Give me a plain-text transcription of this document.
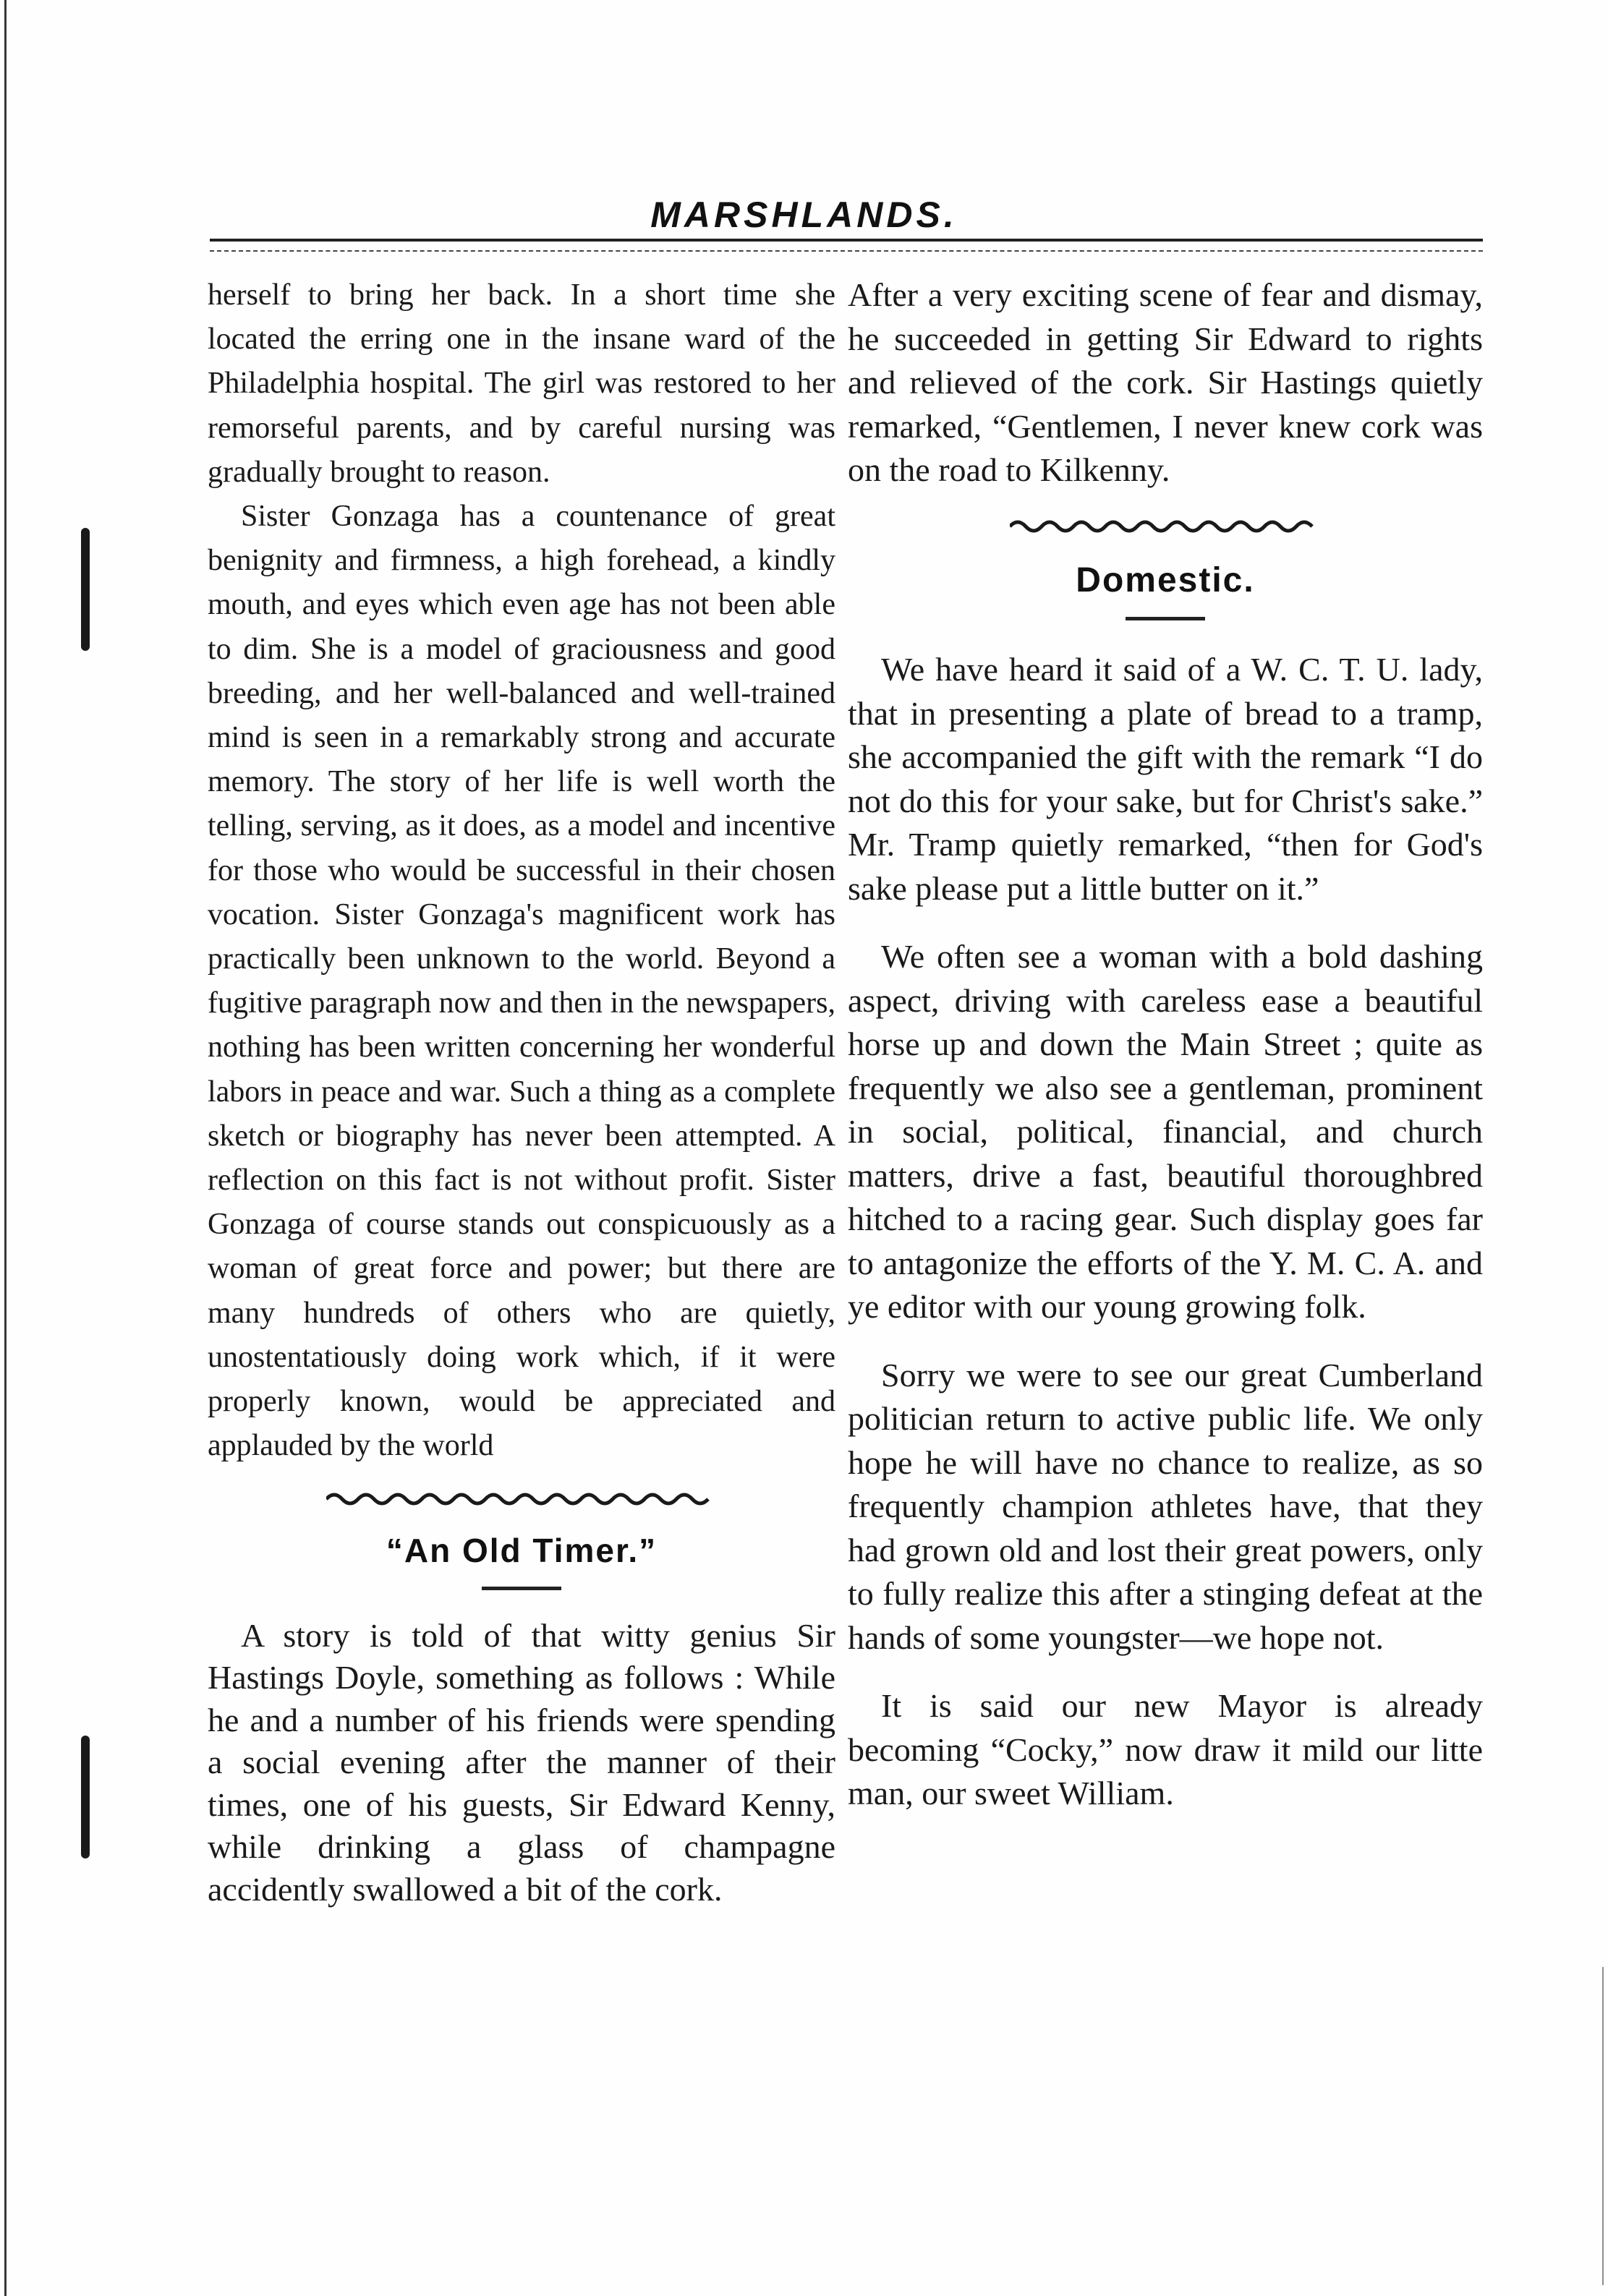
MARSHLANDS.

herself to bring her back. In a short time she located the erring one in the insane ward of the Philadelphia hospital. The girl was restored to her remorseful parents, and by careful nursing was gradually brought to reason.

Sister Gonzaga has a countenance of great benignity and firmness, a high forehead, a kindly mouth, and eyes which even age has not been able to dim. She is a model of graciousness and good breeding, and her well-balanced and well-trained mind is seen in a remarkably strong and accurate memory. The story of her life is well worth the telling, serving, as it does, as a model and incentive for those who would be successful in their chosen vocation. Sister Gonzaga's magnificent work has practically been unknown to the world. Beyond a fugitive paragraph now and then in the newspapers, nothing has been written concerning her wonderful labors in peace and war. Such a thing as a complete sketch or biography has never been attempted. A reflection on this fact is not without profit. Sister Gonzaga of course stands out conspicuously as a woman of great force and power; but there are many hundreds of others who are quietly, unostentatiously doing work which, if it were properly known, would be appreciated and applauded by the world

“An Old Timer.”

A story is told of that witty genius Sir Hastings Doyle, something as follows : While he and a number of his friends were spending a social evening after the manner of their times, one of his guests, Sir Edward Kenny, while drinking a glass of champagne accidently swallowed a bit of the cork.

After a very exciting scene of fear and dismay, he succeeded in getting Sir Edward to rights and relieved of the cork. Sir Hastings quietly remarked, “Gentlemen, I never knew cork was on the road to Kilkenny.

Domestic.

We have heard it said of a W. C. T. U. lady, that in presenting a plate of bread to a tramp, she accompanied the gift with the remark “I do not do this for your sake, but for Christ's sake.” Mr. Tramp quietly remarked, “then for God's sake please put a little butter on it.”

We often see a woman with a bold dashing aspect, driving with careless ease a beautiful horse up and down the Main Street ; quite as frequently we also see a gentleman, prominent in social, political, financial, and church matters, drive a fast, beautiful thoroughbred hitched to a racing gear. Such display goes far to antagonize the efforts of the Y. M. C. A. and ye editor with our young growing folk.

Sorry we were to see our great Cumberland politician return to active public life. We only hope he will have no chance to realize, as so frequently champion athletes have, that they had grown old and lost their great powers, only to fully realize this after a stinging defeat at the hands of some youngster—we hope not.

It is said our new Mayor is already becoming “Cocky,” now draw it mild our litte man, our sweet William.
